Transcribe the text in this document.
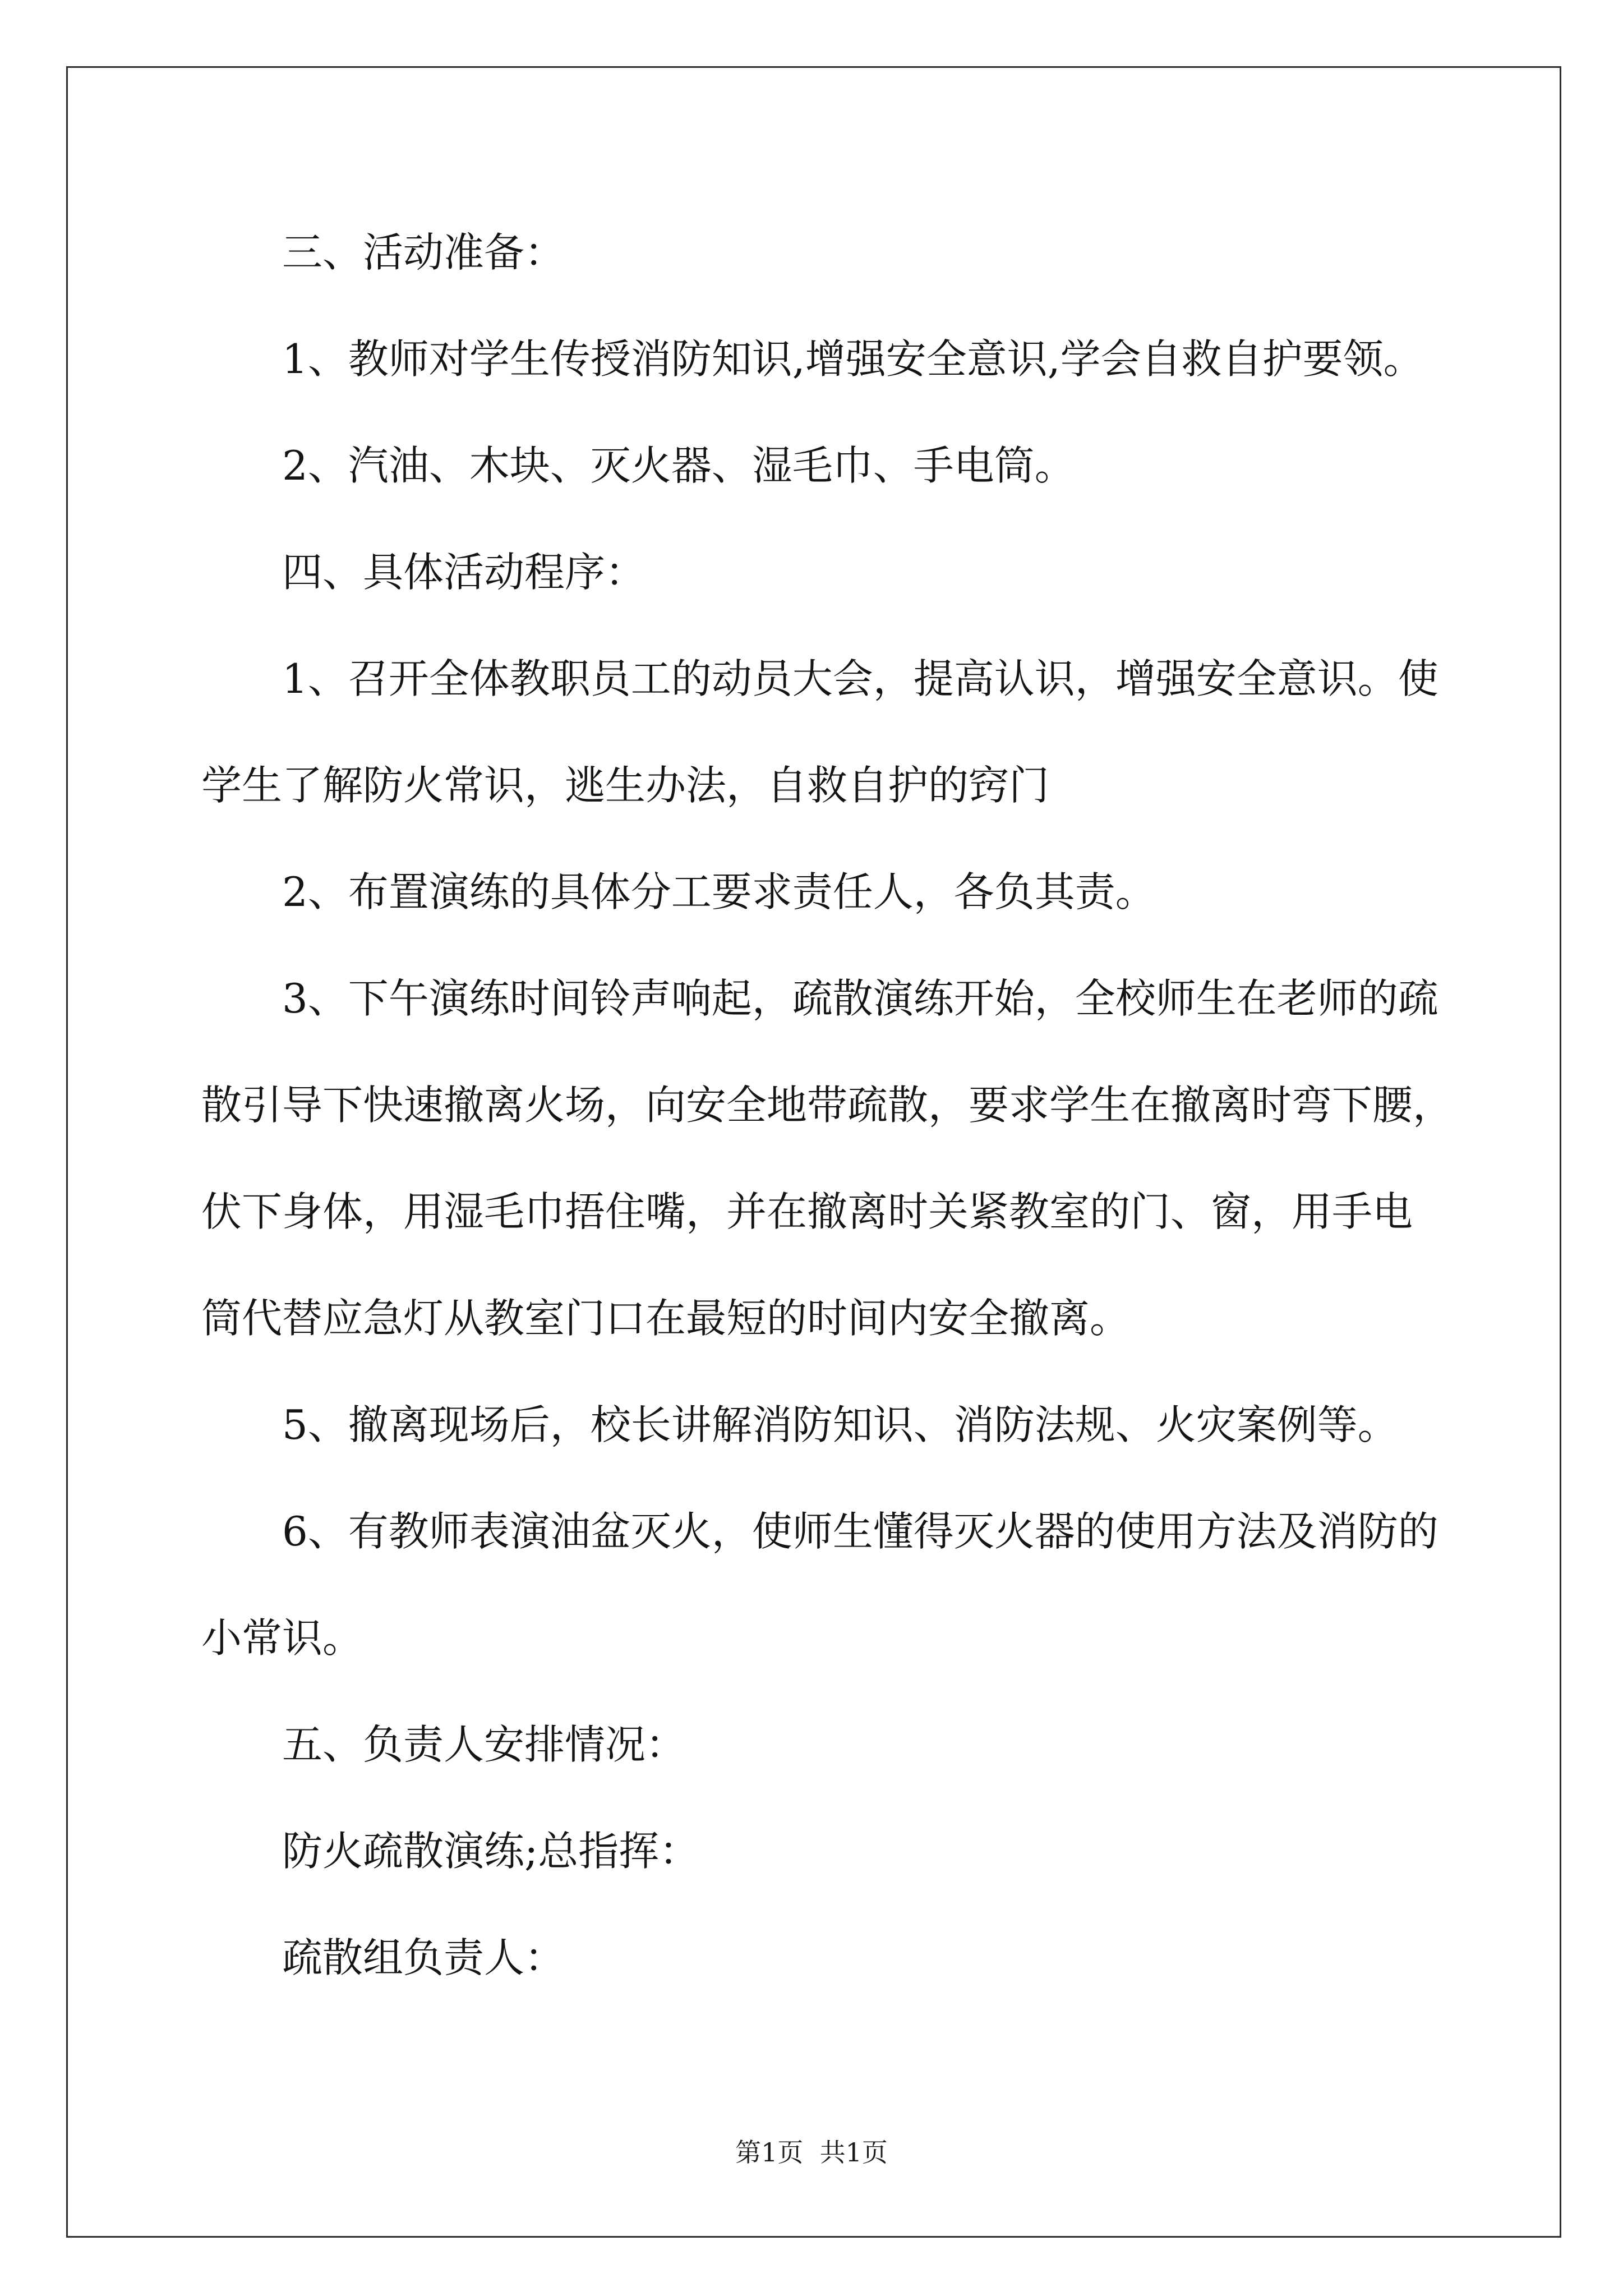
三、活动准备：
1、教师对学生传授消防知识,增强安全意识,学会自救自护要领。
2、汽油、木块、灭火器、湿毛巾、手电筒。
四、具体活动程序：
1、召开全体教职员工的动员大会，提高认识，增强安全意识。使
学生了解防火常识，逃生办法，自救自护的窍门
2、布置演练的具体分工要求责任人，各负其责。
3、下午演练时间铃声响起，疏散演练开始，全校师生在老师的疏
散引导下快速撤离火场，向安全地带疏散，要求学生在撤离时弯下腰，
伏下身体，用湿毛巾捂住嘴，并在撤离时关紧教室的门、窗，用手电
筒代替应急灯从教室门口在最短的时间内安全撤离。
5、撤离现场后，校长讲解消防知识、消防法规、火灾案例等。
6、有教师表演油盆灭火，使师生懂得灭火器的使用方法及消防的
小常识。
五、负责人安排情况：
防火疏散演练;总指挥：
疏散组负责人：
第1页  共1页
